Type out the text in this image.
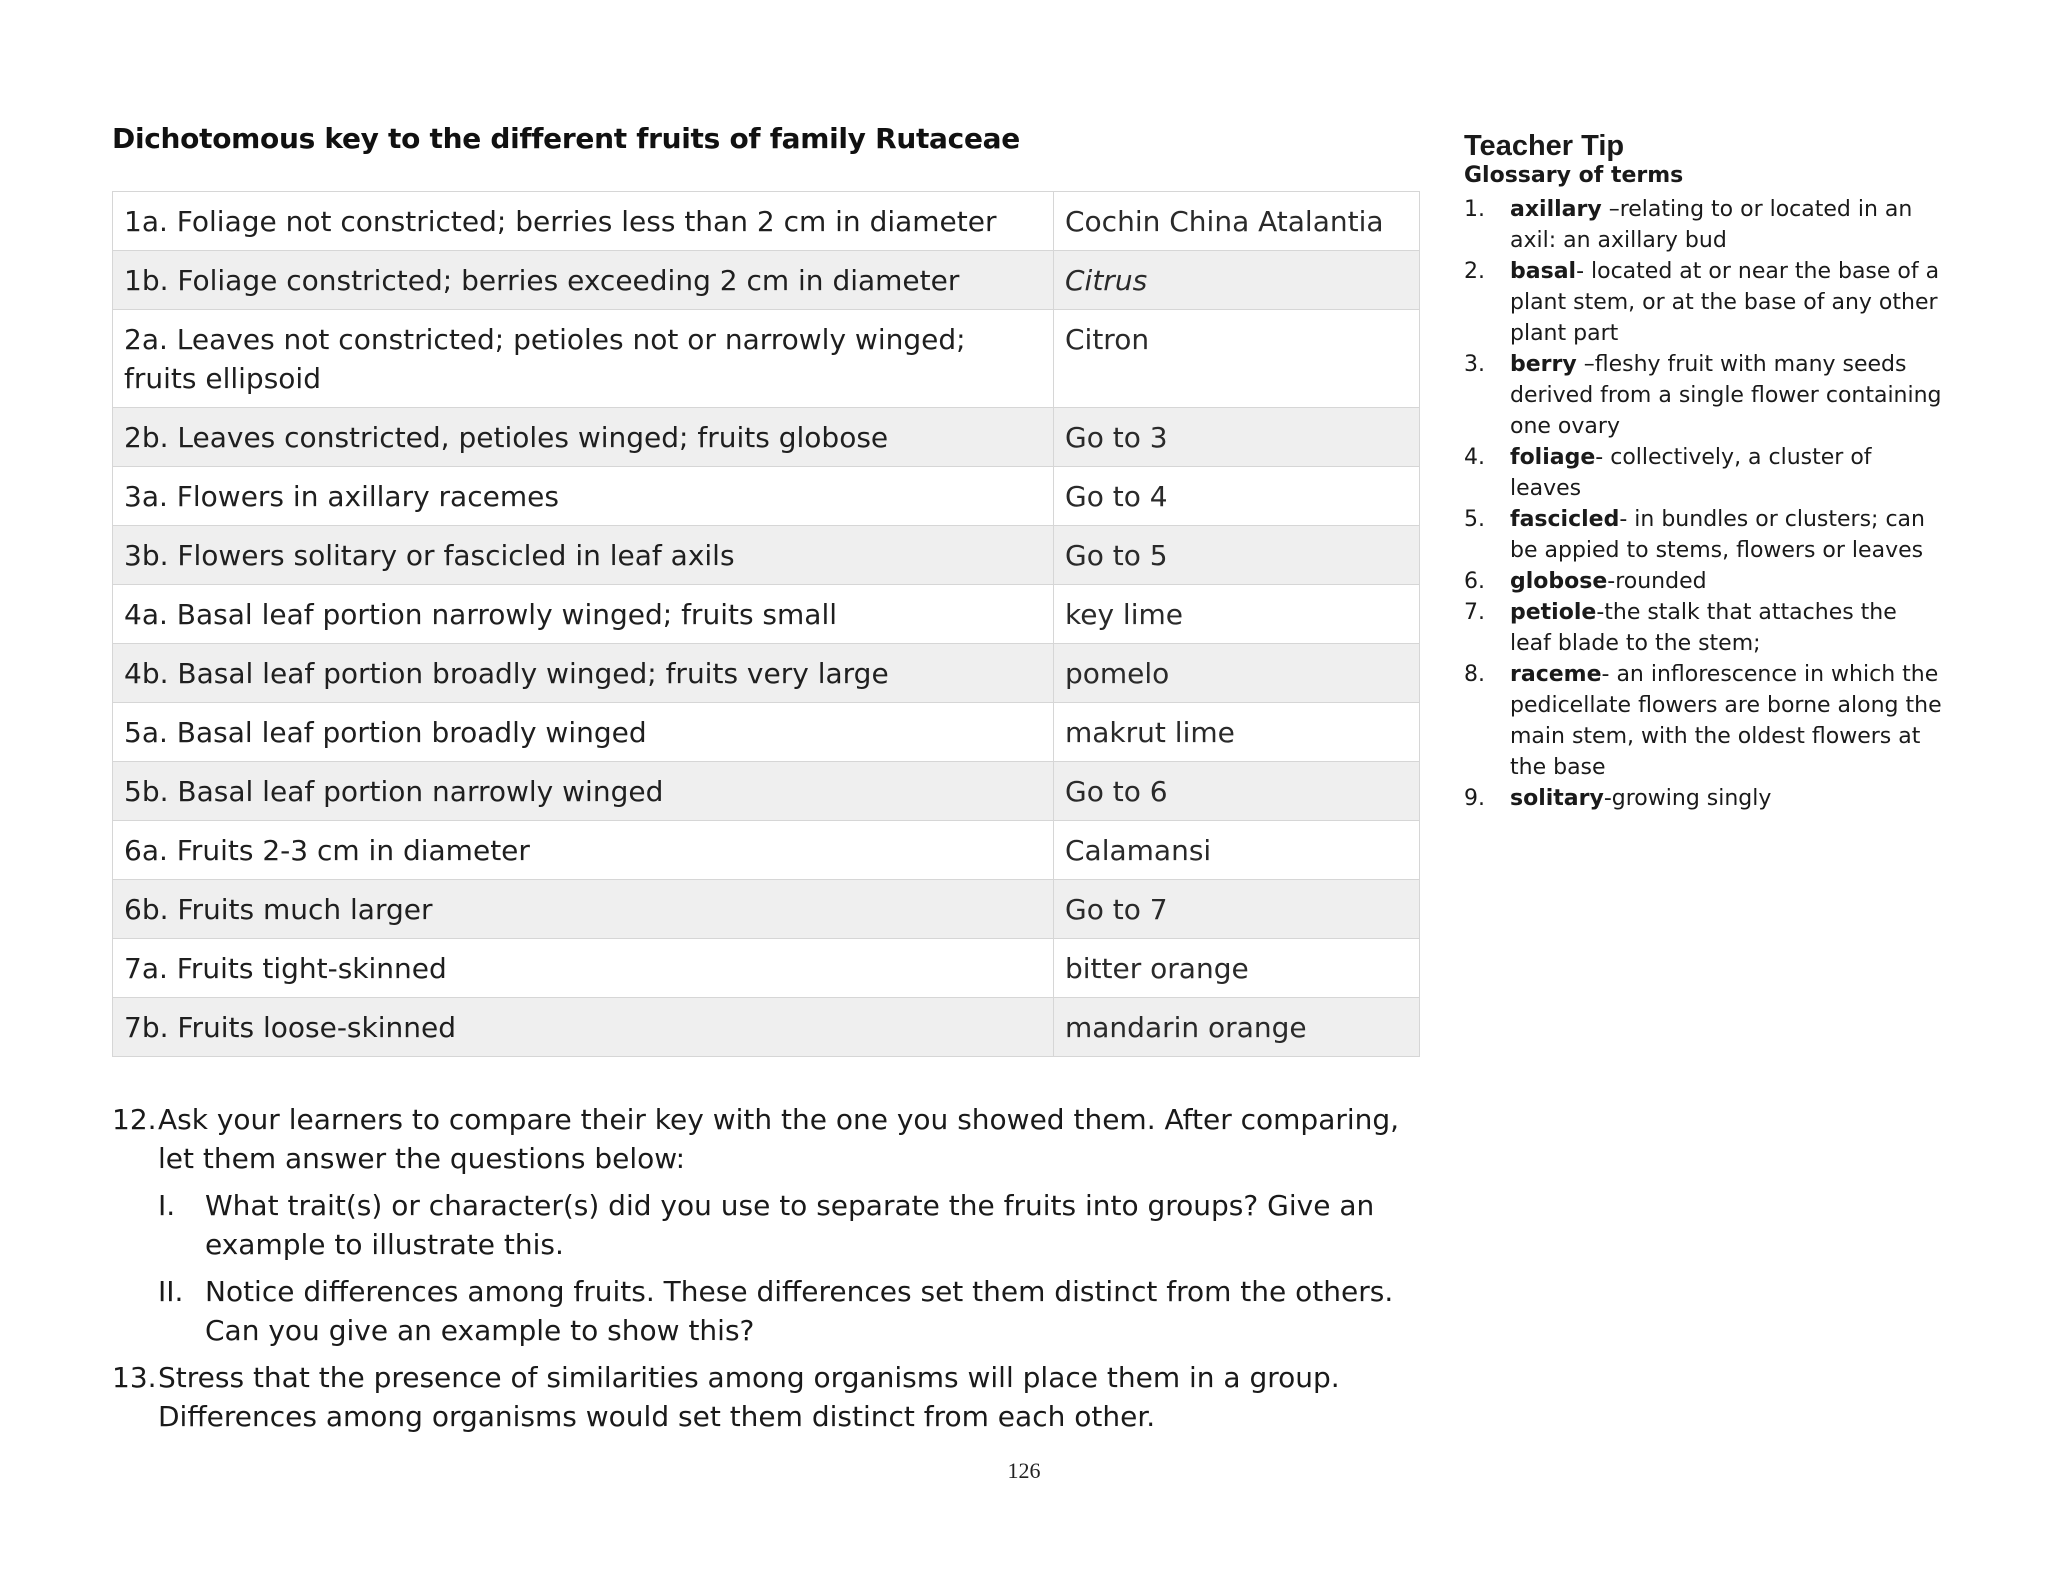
Dichotomous key to the different fruits of family Rutaceae
1a. Foliage not constricted; berries less than 2 cm in diameter	Cochin China Atalantia
1b. Foliage constricted; berries exceeding 2 cm in diameter	Citrus
2a. Leaves not constricted; petioles not or narrowly winged; fruits ellipsoid	Citron
2b. Leaves constricted, petioles winged; fruits globose	Go to 3
3a. Flowers in axillary racemes	Go to 4
3b. Flowers solitary or fascicled in leaf axils	Go to 5
4a. Basal leaf portion narrowly winged; fruits small	key lime
4b. Basal leaf portion broadly winged; fruits very large	pomelo
5a. Basal leaf portion broadly winged	makrut lime
5b. Basal leaf portion narrowly winged	Go to 6
6a. Fruits 2-3 cm in diameter	Calamansi
6b. Fruits much larger	Go to 7
7a. Fruits tight-skinned	bitter orange
7b. Fruits loose-skinned	mandarin orange
12. Ask your learners to compare their key with the one you showed them. After comparing, let them answer the questions below:
I. What trait(s) or character(s) did you use to separate the fruits into groups? Give an example to illustrate this.
II. Notice differences among fruits. These differences set them distinct from the others. Can you give an example to show this?
13. Stress that the presence of similarities among organisms will place them in a group. Differences among organisms would set them distinct from each other.
126
Teacher Tip
Glossary of terms
1. axillary –relating to or located in an axil: an axillary bud
2. basal- located at or near the base of a plant stem, or at the base of any other plant part
3. berry –fleshy fruit with many seeds derived from a single flower containing one ovary
4. foliage- collectively, a cluster of leaves
5. fascicled- in bundles or clusters; can be appied to stems, flowers or leaves
6. globose-rounded
7. petiole-the stalk that attaches the leaf blade to the stem;
8. raceme- an inflorescence in which the pedicellate flowers are borne along the main stem, with the oldest flowers at the base
9. solitary-growing singly
